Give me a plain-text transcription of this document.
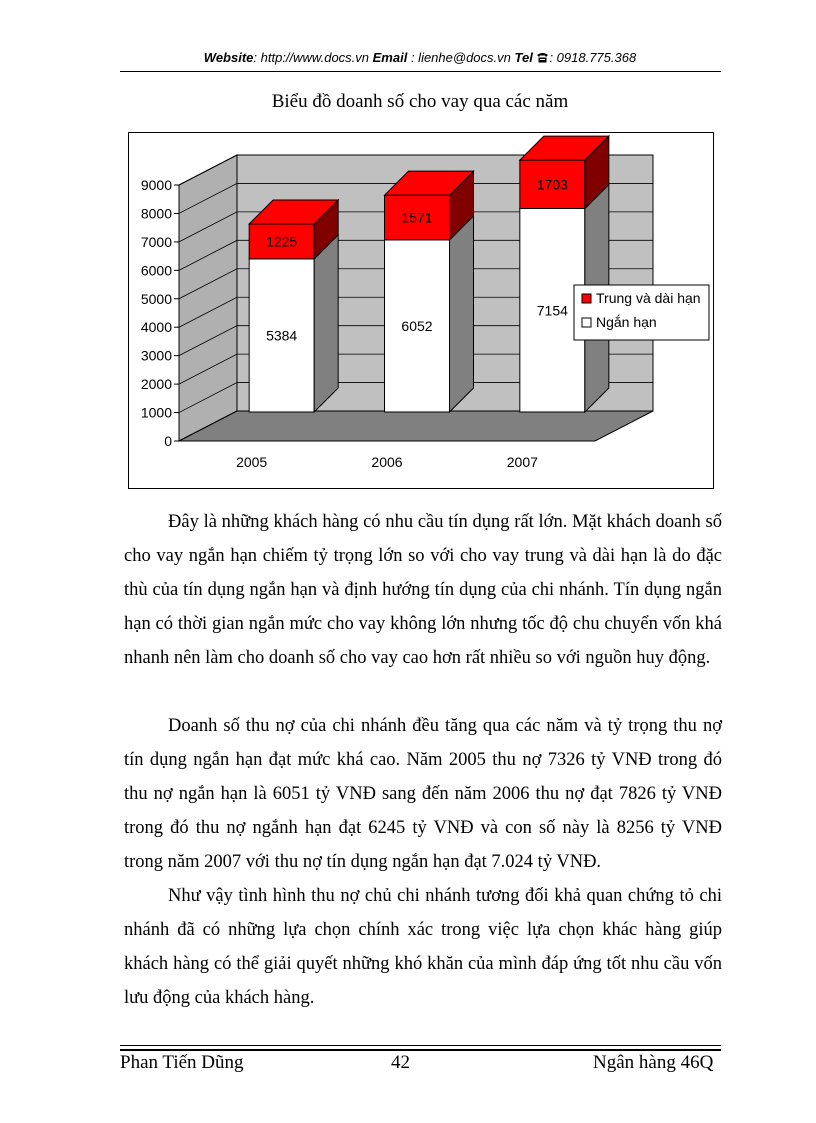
Website: http://www.docs.vn Email : lienhe@docs.vn Tel : 0918.775.368
Biểu đồ doanh số cho vay qua các năm
0
1000
2000
3000
4000
5000
6000
7000
8000
9000
5384
1225
2005
6052
1571
2006
7154
1703
2007
Trung và dài hạn
Ngắn hạn

Đây là những khách hàng có nhu cầu tín dụng rất lớn. Mặt khách doanh số cho vay ngắn hạn chiếm tỷ trọng lớn so với cho vay trung và dài hạn là do đặc thù của tín dụng ngắn hạn và định hướng tín dụng của chi nhánh. Tín dụng ngắn hạn có thời gian ngắn mức cho vay không lớn nhưng tốc độ chu chuyển vốn khá nhanh nên làm cho doanh số cho vay cao hơn rất nhiều so với nguồn huy động.

Doanh số thu nợ của chi nhánh đều tăng qua các năm và tỷ trọng thu nợ tín dụng ngắn hạn đạt mức khá cao. Năm 2005 thu nợ 7326 tỷ VNĐ trong đó thu nợ ngắn hạn là 6051 tỷ VNĐ sang đến năm 2006 thu nợ đạt 7826 tỷ VNĐ trong đó thu nợ ngắnh hạn đạt 6245 tỷ VNĐ và con số này là 8256 tỷ VNĐ trong năm 2007 với thu nợ tín dụng ngắn hạn đạt 7.024 tỷ VNĐ.

Như vậy tình hình thu nợ chủ chi nhánh tương đối khả quan chứng tỏ chi nhánh đã có những lựa chọn chính xác trong việc lựa chọn khác hàng giúp khách hàng có thể giải quyết những khó khăn của mình đáp ứng tốt nhu cầu vốn lưu động của khách hàng.

Phan Tiến Dũng	42	Ngân hàng 46Q
